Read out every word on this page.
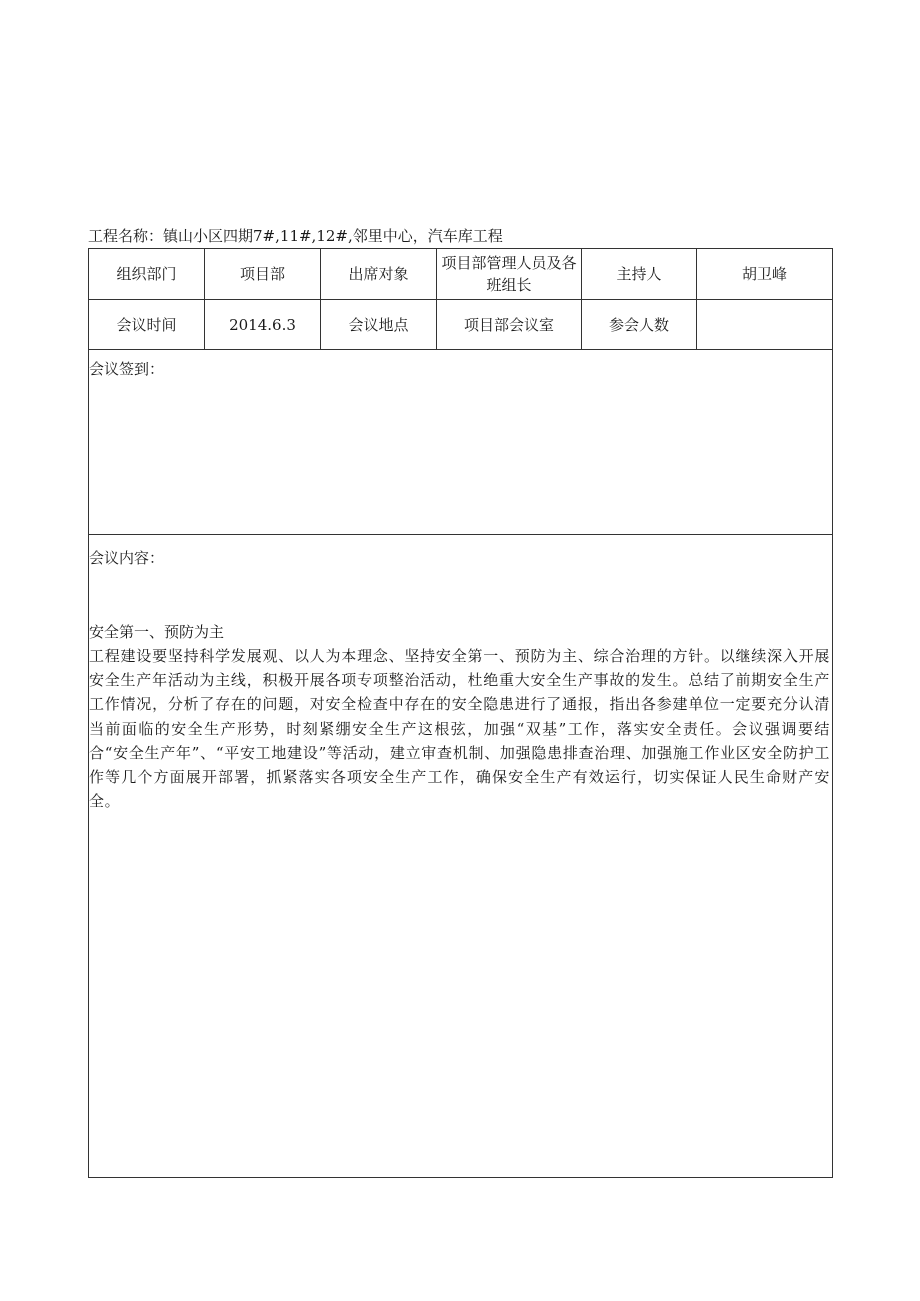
工程名称：镇山小区四期7#,11#,12#,邻里中心，汽车库工程
组织部门	项目部	出席对象	项目部管理人员及各班组长	主持人	胡卫峰
会议时间	2014.6.3	会议地点	项目部会议室	参会人数	

会议签到：					

会议内容：
安全第一、预防为主
工程建设要坚持科学发展观、以人为本理念、坚持安全第一、预防为主、综合治理的方针。以继续深入开展安全生产年活动为主线，积极开展各项专项整治活动，杜绝重大安全生产事故的发生。总结了前期安全生产工作情况，分析了存在的问题，对安全检查中存在的安全隐患进行了通报，指出各参建单位一定要充分认清当前面临的安全生产形势，时刻紧绷安全生产这根弦，加强“双基”工作，落实安全责任。会议强调要结合“安全生产年”、“平安工地建设”等活动，建立审查机制、加强隐患排查治理、加强施工作业区安全防护工作等几个方面展开部署，抓紧落实各项安全生产工作，确保安全生产有效运行，切实保证人民生命财产安全。					
